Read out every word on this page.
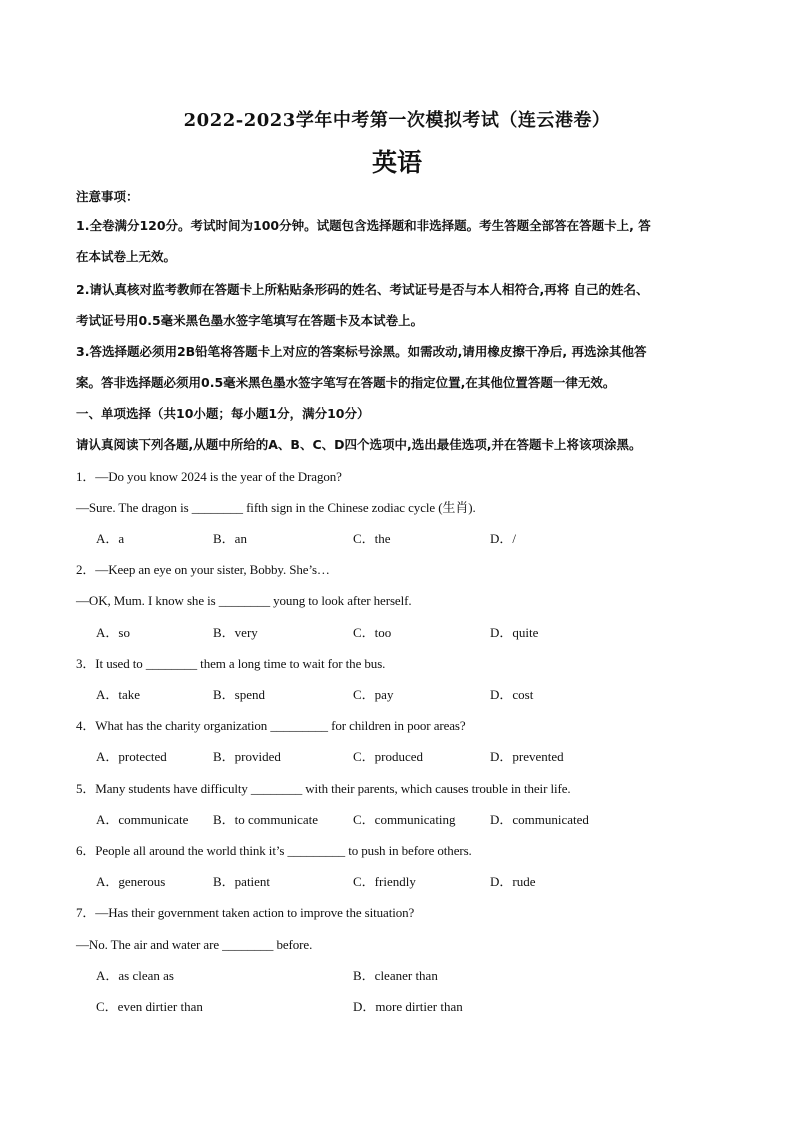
2022-2023学年中考第一次模拟考试（连云港卷）
英语
注意事项：
1.全卷满分120分。考试时间为100分钟。试题包含选择题和非选择题。考生答题全部答在答题卡上, 答
在本试卷上无效。
2.请认真核对监考教师在答题卡上所粘贴条形码的姓名、考试证号是否与本人相符合,再将 自己的姓名、
考试证号用0.5毫米黑色墨水签字笔填写在答题卡及本试卷上。
3.答选择题必须用2B铅笔将答题卡上对应的答案标号涂黑。如需改动,请用橡皮擦干净后, 再选涂其他答
案。答非选择题必须用0.5毫米黑色墨水签字笔写在答题卡的指定位置,在其他位置答题一律无效。
一、单项选择（共10小题；每小题1分，满分10分）
请认真阅读下列各题,从题中所给的A、B、C、D四个选项中,选出最佳选项,并在答题卡上将该项涂黑。
1．—Do you know 2024 is the year of the Dragon?
—Sure. The dragon is ________ fifth sign in the Chinese zodiac cycle (生肖).
A．a	B．an	C．the	D．/
2．—Keep an eye on your sister, Bobby. She’s…
—OK, Mum. I know she is ________ young to look after herself.
A．so	B．very	C．too	D．quite
3．It used to ________ them a long time to wait for the bus.
A．take	B．spend	C．pay	D．cost
4．What has the charity organization _________ for children in poor areas?
A．protected	B．provided	C．produced	D．prevented
5．Many students have difficulty ________ with their parents, which causes trouble in their life.
A．communicate B．to communicate	C．communicating	D．communicated
6．People all around the world think it’s _________ to push in before others.
A．generous	B．patient	C．friendly	D．rude
7．—Has their government taken action to improve the situation?
—No. The air and water are ________ before.
A．as clean as	B．cleaner than
C．even dirtier than	D．more dirtier than
